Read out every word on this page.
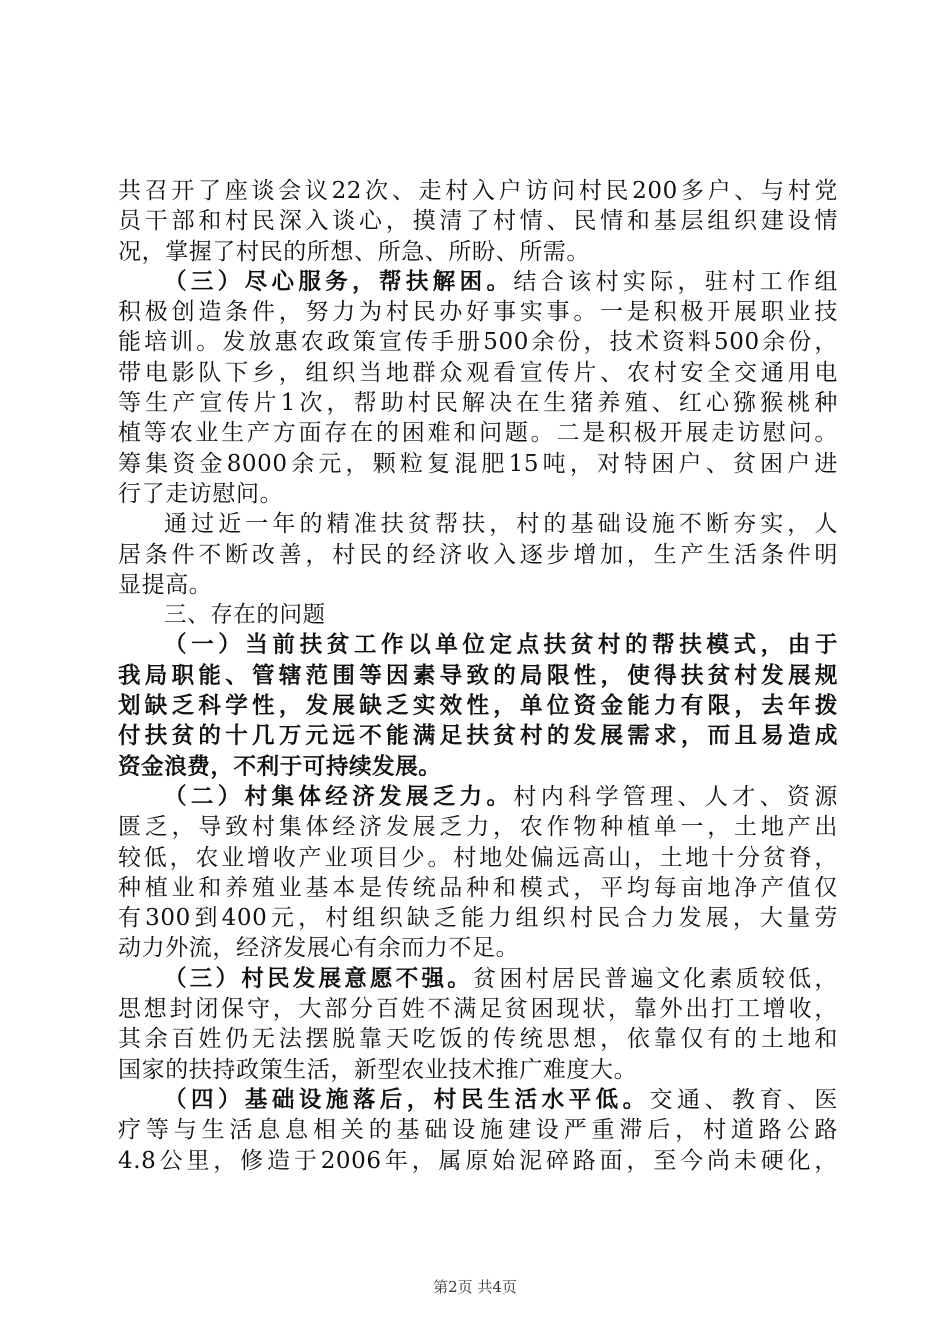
共召开了座谈会议22次、走村入户访问村民200多户、与村党
员干部和村民深入谈心，摸清了村情、民情和基层组织建设情
况，掌握了村民的所想、所急、所盼、所需。
（三）尽心服务，帮扶解困。结合该村实际，驻村工作组
积极创造条件，努力为村民办好事实事。一是积极开展职业技
能培训。发放惠农政策宣传手册500余份，技术资料500余份，
带电影队下乡，组织当地群众观看宣传片、农村安全交通用电
等生产宣传片1次，帮助村民解决在生猪养殖、红心猕猴桃种
植等农业生产方面存在的困难和问题。二是积极开展走访慰问。
筹集资金8000余元，颗粒复混肥15吨，对特困户、贫困户进
行了走访慰问。
通过近一年的精准扶贫帮扶，村的基础设施不断夯实，人
居条件不断改善，村民的经济收入逐步增加，生产生活条件明
显提高。
三、存在的问题
（一）当前扶贫工作以单位定点扶贫村的帮扶模式，由于
我局职能、管辖范围等因素导致的局限性，使得扶贫村发展规
划缺乏科学性，发展缺乏实效性，单位资金能力有限，去年拨
付扶贫的十几万元远不能满足扶贫村的发展需求，而且易造成
资金浪费，不利于可持续发展。
（二）村集体经济发展乏力。村内科学管理、人才、资源
匮乏，导致村集体经济发展乏力，农作物种植单一，土地产出
较低，农业增收产业项目少。村地处偏远高山，土地十分贫脊，
种植业和养殖业基本是传统品种和模式，平均每亩地净产值仅
有300到400元，村组织缺乏能力组织村民合力发展，大量劳
动力外流，经济发展心有余而力不足。
（三）村民发展意愿不强。贫困村居民普遍文化素质较低，
思想封闭保守，大部分百姓不满足贫困现状，靠外出打工增收，
其余百姓仍无法摆脱靠天吃饭的传统思想，依靠仅有的土地和
国家的扶持政策生活，新型农业技术推广难度大。
（四）基础设施落后，村民生活水平低。交通、教育、医
疗等与生活息息相关的基础设施建设严重滞后，村道路公路
4.8公里，修造于2006年，属原始泥碎路面，至今尚未硬化，
第2页 共4页
